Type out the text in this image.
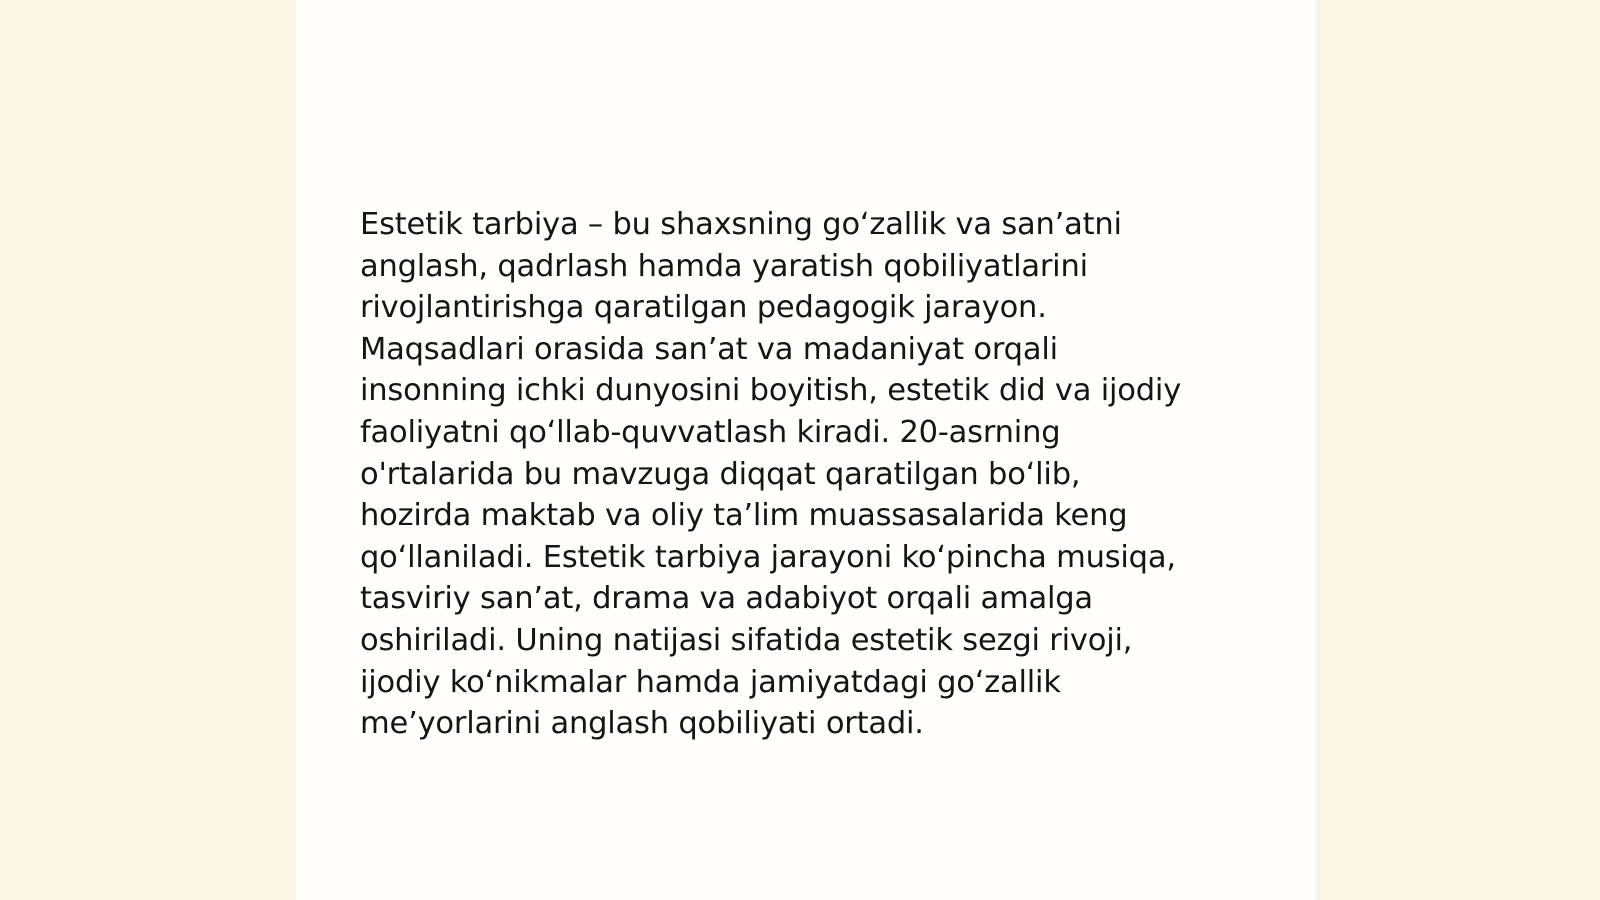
Estetik tarbiya – bu shaxsning go‘zallik va san’atni
anglash, qadrlash hamda yaratish qobiliyatlarini
rivojlantirishga qaratilgan pedagogik jarayon.
Maqsadlari orasida san’at va madaniyat orqali
insonning ichki dunyosini boyitish, estetik did va ijodiy
faoliyatni qo‘llab-quvvatlash kiradi. 20-asrning
o'rtalarida bu mavzuga diqqat qaratilgan bo‘lib,
hozirda maktab va oliy ta’lim muassasalarida keng
qo‘llaniladi. Estetik tarbiya jarayoni ko‘pincha musiqa,
tasviriy san’at, drama va adabiyot orqali amalga
oshiriladi. Uning natijasi sifatida estetik sezgi rivoji,
ijodiy ko‘nikmalar hamda jamiyatdagi go‘zallik
me’yorlarini anglash qobiliyati ortadi.
